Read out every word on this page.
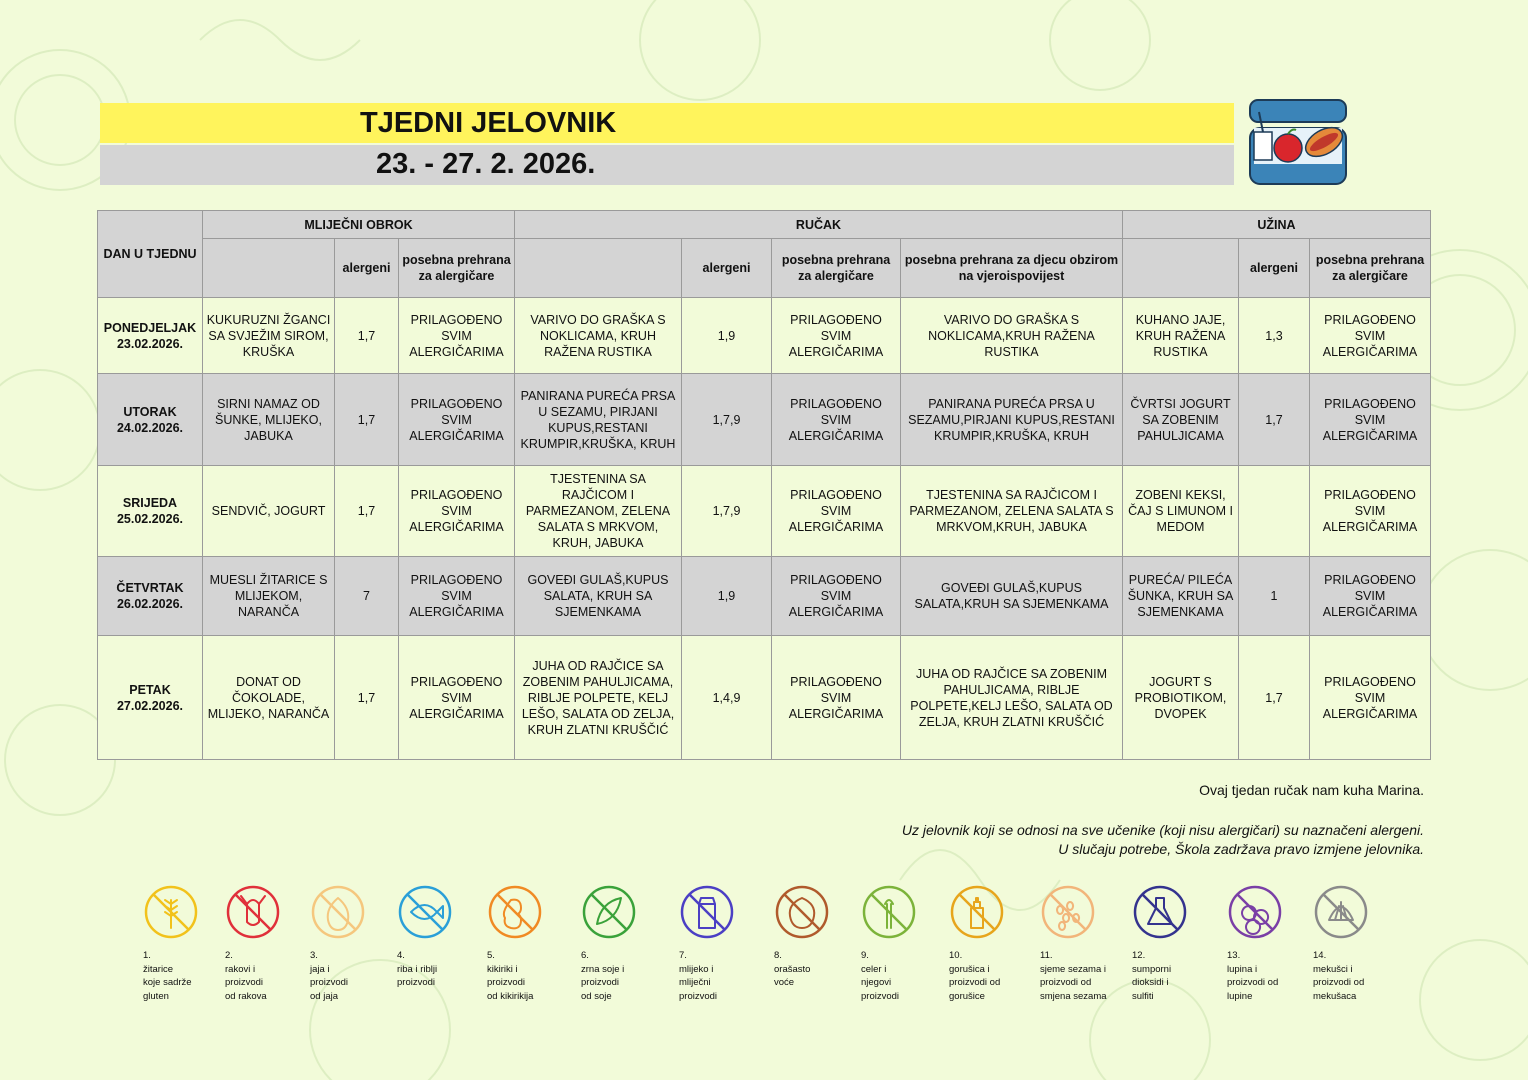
TJEDNI JELOVNIK
23. - 27. 2. 2026.
DAN U TJEDNU	MLIJEČNI OBROK			RUČAK				UŽINA		
		alergeni	posebna prehrana za alergičare		alergeni	posebna prehrana za alergičare	posebna prehrana za djecu obzirom na vjeroispovijest		alergeni	posebna prehrana za alergičare
PONEDJELJAK
23.02.2026.	KUKURUZNI ŽGANCI SA SVJEŽIM SIROM, KRUŠKA	1,7	PRILAGOĐENO SVIM ALERGIČARIMA	VARIVO DO GRAŠKA S NOKLICAMA, KRUH RAŽENA RUSTIKA	1,9	PRILAGOĐENO SVIM ALERGIČARIMA	VARIVO DO GRAŠKA S NOKLICAMA,KRUH RAŽENA RUSTIKA	KUHANO JAJE, KRUH RAŽENA RUSTIKA	1,3	PRILAGOĐENO SVIM ALERGIČARIMA
UTORAK
24.02.2026.	SIRNI NAMAZ OD ŠUNKE, MLIJEKO, JABUKA	1,7	PRILAGOĐENO SVIM ALERGIČARIMA	PANIRANA PUREĆA PRSA U SEZAMU, PIRJANI KUPUS,RESTANI KRUMPIR,KRUŠKA, KRUH	1,7,9	PRILAGOĐENO SVIM ALERGIČARIMA	PANIRANA PUREĆA PRSA U SEZAMU,PIRJANI KUPUS,RESTANI KRUMPIR,KRUŠKA, KRUH	ČVRTSI JOGURT SA ZOBENIM PAHULJICAMA	1,7	PRILAGOĐENO SVIM ALERGIČARIMA
SRIJEDA
25.02.2026.	SENDVIČ, JOGURT	1,7	PRILAGOĐENO SVIM ALERGIČARIMA	TJESTENINA SA RAJČICOM I PARMEZANOM, ZELENA SALATA S MRKVOM, KRUH, JABUKA	1,7,9	PRILAGOĐENO SVIM ALERGIČARIMA	TJESTENINA SA RAJČICOM I PARMEZANOM, ZELENA SALATA S MRKVOM,KRUH, JABUKA	ZOBENI KEKSI, ČAJ S LIMUNOM I MEDOM		PRILAGOĐENO SVIM ALERGIČARIMA
ČETVRTAK
26.02.2026.	MUESLI ŽITARICE S MLIJEKOM, NARANČA	7	PRILAGOĐENO SVIM ALERGIČARIMA	GOVEĐI GULAŠ,KUPUS SALATA, KRUH SA SJEMENKAMA	1,9	PRILAGOĐENO SVIM ALERGIČARIMA	GOVEĐI GULAŠ,KUPUS SALATA,KRUH SA SJEMENKAMA	PUREĆA/ PILEĆA ŠUNKA, KRUH SA SJEMENKAMA	1	PRILAGOĐENO SVIM ALERGIČARIMA
PETAK
27.02.2026.	DONAT OD ČOKOLADE, MLIJEKO, NARANČA	1,7	PRILAGOĐENO SVIM ALERGIČARIMA	JUHA OD RAJČICE SA ZOBENIM PAHULJICAMA, RIBLJE POLPETE, KELJ LEŠO, SALATA OD ZELJA, KRUH ZLATNI KRUŠČIĆ	1,4,9	PRILAGOĐENO SVIM ALERGIČARIMA	JUHA OD RAJČICE SA ZOBENIM PAHULJICAMA, RIBLJE POLPETE,KELJ LEŠO, SALATA OD ZELJA, KRUH ZLATNI KRUŠČIĆ	JOGURT S PROBIOTIKOM, DVOPEK	1,7	PRILAGOĐENO SVIM ALERGIČARIMA
Ovaj tjedan ručak nam kuha Marina.
Uz jelovnik koji se odnosi na sve učenike (koji nisu alergičari) su naznačeni alergeni.
U slučaju potrebe, Škola zadržava pravo izmjene jelovnika.
1.
žitarice
koje sadrže
gluten
2.
rakovi i
proizvodi
od rakova
3.
jaja i
proizvodi
od jaja
4.
riba i riblji
proizvodi
5.
kikiriki i
proizvodi
od kikirikija
6.
zrna soje i
proizvodi
od soje
7.
mlijeko i
mliječni
proizvodi
8.
orašasto
voće
9.
celer i
njegovi
proizvodi
10.
gorušica i
proizvodi od
gorušice
11.
sjeme sezama i
proizvodi od
smjena sezama
12.
sumporni
dioksidi i
sulfiti
13.
lupina i
proizvodi od
lupine
14.
mekušci i
proizvodi od
mekušaca
